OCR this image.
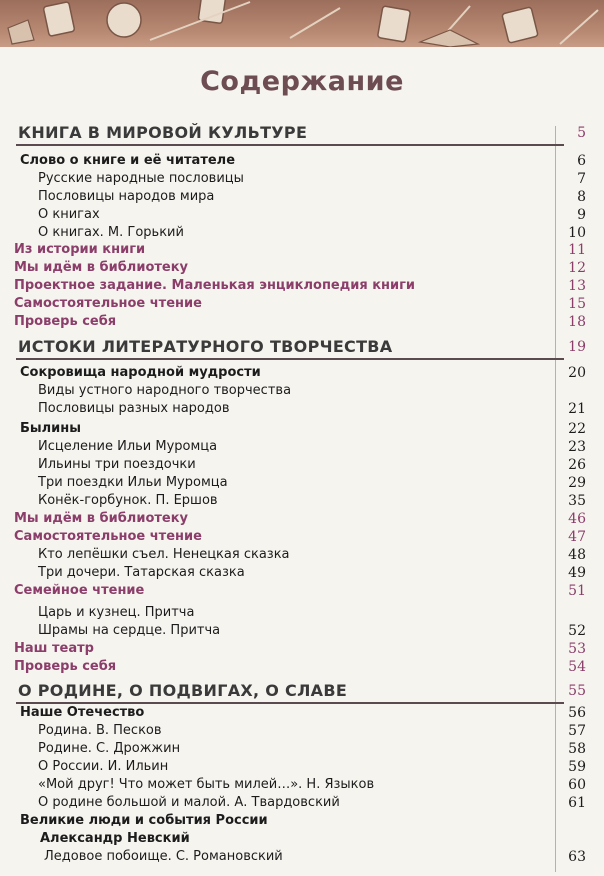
Содержание
КНИГА В МИРОВОЙ КУЛЬТУРЕ	5
Слово о книге и её читателе	6
Русские народные пословицы	7
Пословицы народов мира	8
О книгах	9
О книгах. М. Горький	10
Из истории книги	11
Мы идём в библиотеку	12
Проектное задание. Маленькая энциклопедия книги	13
Самостоятельное чтение	15
Проверь себя	18
ИСТОКИ ЛИТЕРАТУРНОГО ТВОРЧЕСТВА	19
Сокровища народной мудрости	20
Виды устного народного творчества
Пословицы разных народов	21
Былины	22
Исцеление Ильи Муромца	23
Ильины три поездочки	26
Три поездки Ильи Муромца	29
Конёк-горбунок. П. Ершов	35
Мы идём в библиотеку	46
Самостоятельное чтение	47
Кто лепёшки съел. Ненецкая сказка	48
Три дочери. Татарская сказка	49
Семейное чтение	51
Царь и кузнец. Притча
Шрамы на сердце. Притча	52
Наш театр	53
Проверь себя	54
О РОДИНЕ, О ПОДВИГАХ, О СЛАВЕ	55
Наше Отечество	56
Родина. В. Песков	57
Родине. С. Дрожжин	58
О России. И. Ильин	59
«Мой друг! Что может быть милей…». Н. Языков	60
О родине большой и малой. А. Твардовский	61
Великие люди и события России
Александр Невский
Ледовое побоище. С. Романовский	63
